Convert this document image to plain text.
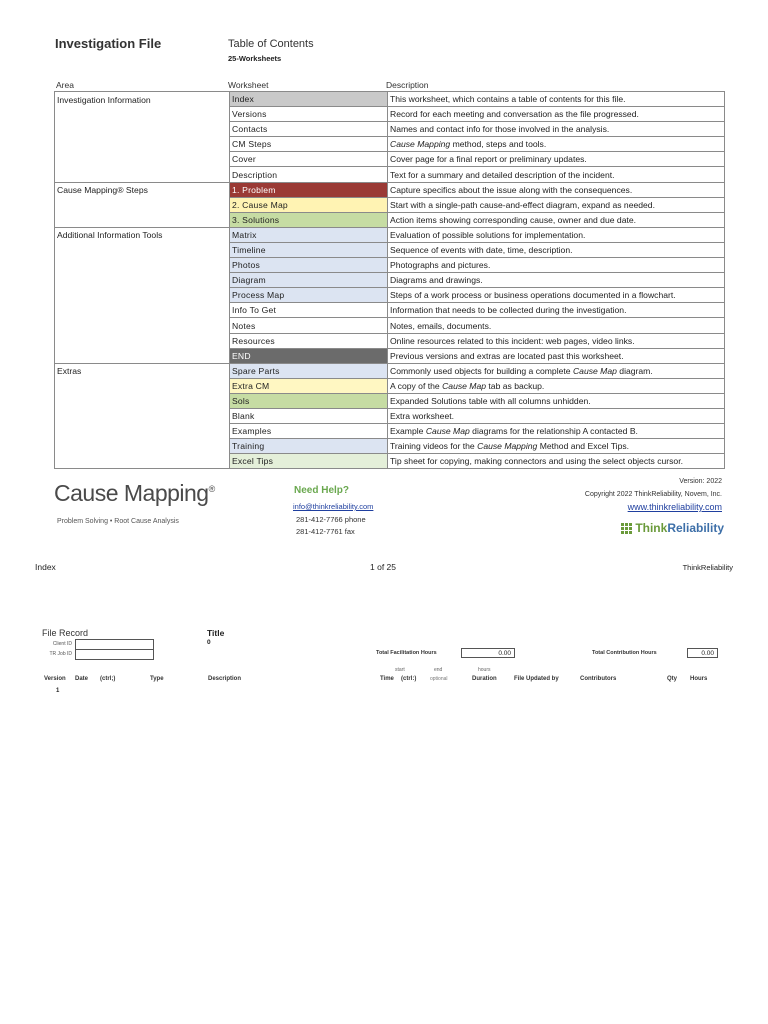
Investigation File	Table of Contents
25-Worksheets
Area	Worksheet	Description
Investigation Information	Index	This worksheet, which contains a table of contents for this file.
	Versions	Record for each meeting and conversation as the file progressed.
	Contacts	Names and contact info for those involved in the analysis.
	CM Steps	Cause Mapping method, steps and tools.
	Cover	Cover page for a final report or preliminary updates.
	Description	Text for a summary and detailed description of the incident.
Cause Mapping® Steps	1. Problem	Capture specifics about the issue along with the consequences.
	2. Cause Map	Start with a single-path cause-and-effect diagram, expand as needed.
	3. Solutions	Action items showing corresponding cause, owner and due date.
Additional Information Tools	Matrix	Evaluation of possible solutions for implementation.
	Timeline	Sequence of events with date, time, description.
	Photos	Photographs and pictures.
	Diagram	Diagrams and drawings.
	Process Map	Steps of a work process or business operations documented in a flowchart.
	Info To Get	Information that needs to be collected during the investigation.
	Notes	Notes, emails, documents.
	Resources	Online resources related to this incident: web pages, video links.
	END	Previous versions and extras are located past this worksheet.
Extras	Spare Parts	Commonly used objects for building a complete Cause Map diagram.
	Extra CM	A copy of the Cause Map tab as backup.
	Sols	Expanded Solutions table with all columns unhidden.
	Blank	Extra worksheet.
	Examples	Example Cause Map diagrams for the relationship A contacted B.
	Training	Training videos for the Cause Mapping Method and Excel Tips.
	Excel Tips	Tip sheet for copying, making connectors and using the select objects cursor.
Cause Mapping®
Problem Solving • Root Cause Analysis
Need Help?
info@thinkreliability.com
281-412-7766 phone
281-412-7761 fax
Version: 2022
Copyright 2022 ThinkReliability, Novem, Inc.
www.thinkreliability.com
ThinkReliability
Index	1 of 25	ThinkReliability
File Record
Client ID
TR Job ID
Title
0
Total Facilitation Hours	0.00	Total Contribution Hours	0.00
start	end	hours
Version Date (ctrl;)	Type	Description	Time (ctrl:)	optional	Duration	File Updated by	Contributors	Qty Hours
1
